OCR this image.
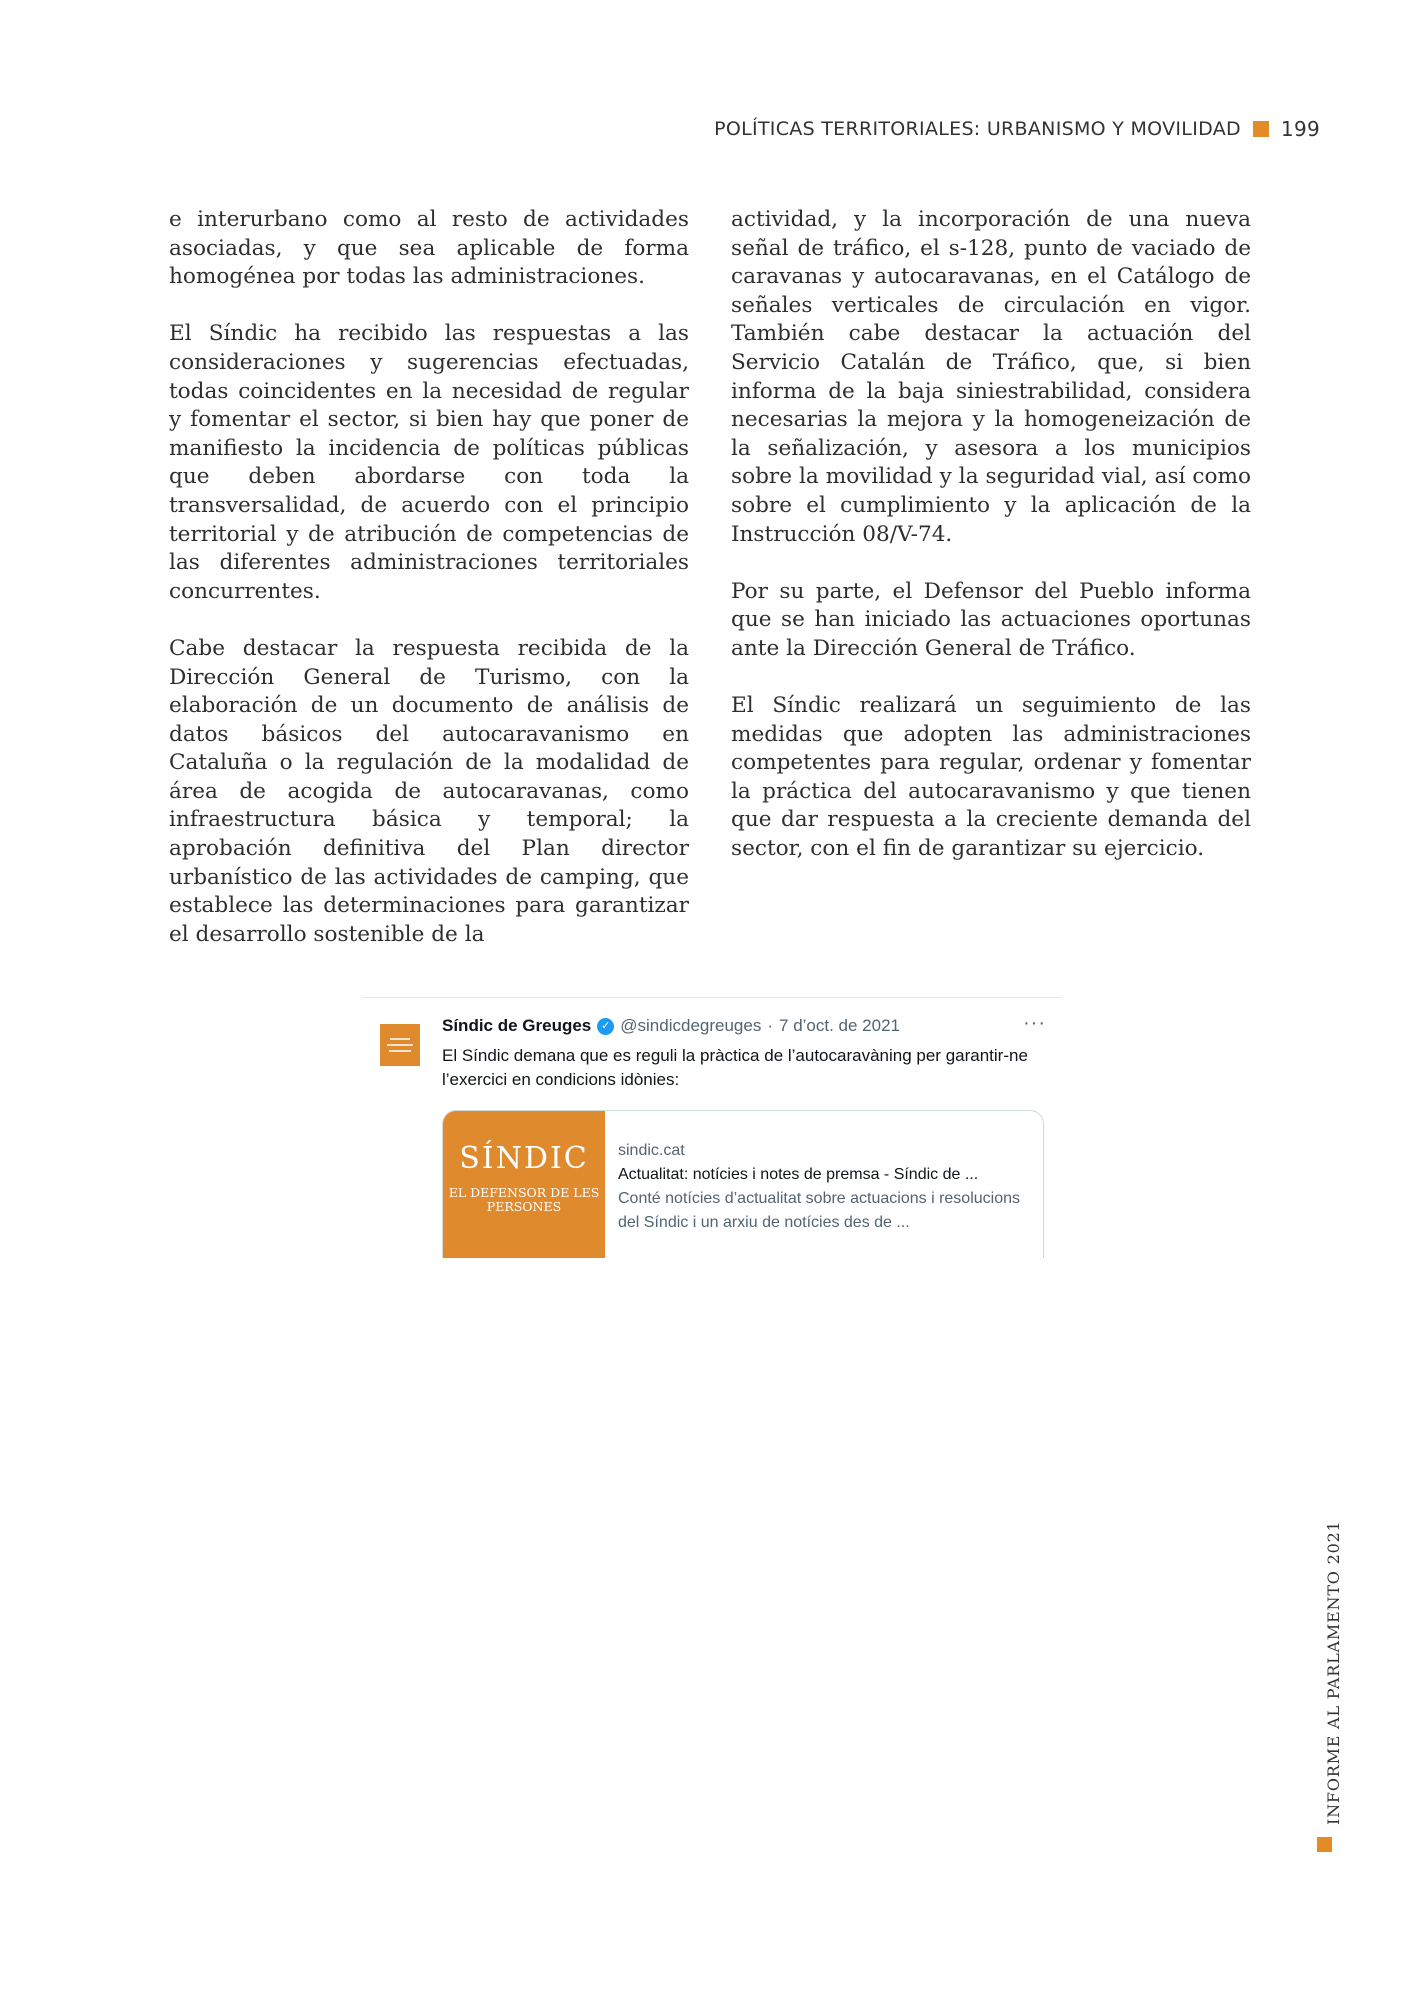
POLÍTICAS TERRITORIALES: URBANISMO Y MOVILIDAD 199

e interurbano como al resto de actividades asociadas, y que sea aplicable de forma homogénea por todas las administraciones.

El Síndic ha recibido las respuestas a las consideraciones y sugerencias efectuadas, todas coincidentes en la necesidad de regular y fomentar el sector, si bien hay que poner de manifiesto la incidencia de políticas públicas que deben abordarse con toda la transversalidad, de acuerdo con el principio territorial y de atribución de competencias de las diferentes administraciones territoriales concurrentes.

Cabe destacar la respuesta recibida de la Dirección General de Turismo, con la elaboración de un documento de análisis de datos básicos del autocaravanismo en Cataluña o la regulación de la modalidad de área de acogida de autocaravanas, como infraestructura básica y temporal; la aprobación definitiva del Plan director urbanístico de las actividades de camping, que establece las determinaciones para garantizar el desarrollo sostenible de la

actividad, y la incorporación de una nueva señal de tráfico, el s-128, punto de vaciado de caravanas y autocaravanas, en el Catálogo de señales verticales de circulación en vigor. También cabe destacar la actuación del Servicio Catalán de Tráfico, que, si bien informa de la baja siniestrabilidad, considera necesarias la mejora y la homogeneización de la señalización, y asesora a los municipios sobre la movilidad y la seguridad vial, así como sobre el cumplimiento y la aplicación de la Instrucción 08/V-74.

Por su parte, el Defensor del Pueblo informa que se han iniciado las actuaciones oportunas ante la Dirección General de Tráfico.

El Síndic realizará un seguimiento de las medidas que adopten las administraciones competentes para regular, ordenar y fomentar la práctica del autocaravanismo y que tienen que dar respuesta a la creciente demanda del sector, con el fin de garantizar su ejercicio.

Síndic de Greuges ✓ @sindicdegreuges · 7 d’oct. de 2021	···
El Síndic demana que es reguli la pràctica de l’autocaravàning per garantir-ne l’exercici en condicions idònies:
SÍNDIC
EL DEFENSOR DE LES PERSONES
sindic.cat
Actualitat: notícies i notes de premsa - Síndic de ...
Conté notícies d’actualitat sobre actuacions i resolucions del Síndic i un arxiu de notícies des de ...
INFORME AL PARLAMENTO 2021
